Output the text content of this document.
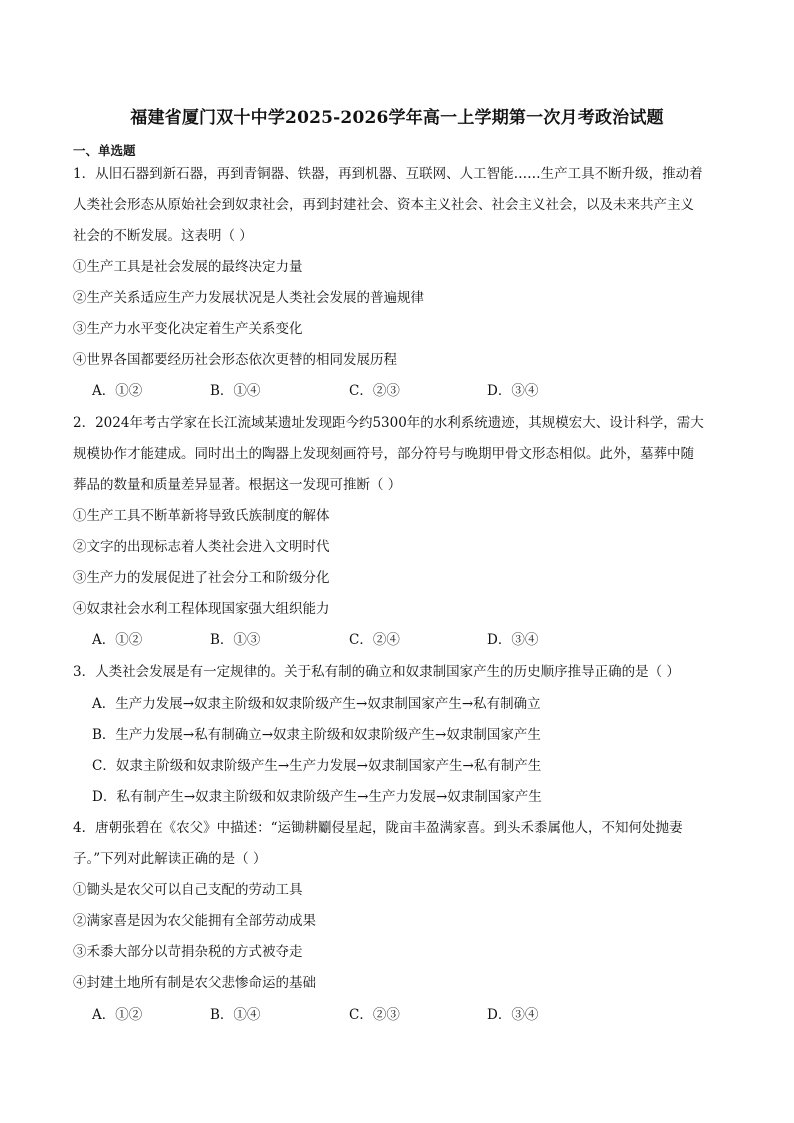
福建省厦门双十中学2025-2026学年高一上学期第一次月考政治试题
一、单选题
1．从旧石器到新石器，再到青铜器、铁器，再到机器、互联网、人工智能……生产工具不断升级，推动着
人类社会形态从原始社会到奴隶社会，再到封建社会、资本主义社会、社会主义社会，以及未来共产主义
社会的不断发展。这表明（ ）
①生产工具是社会发展的最终决定力量
②生产关系适应生产力发展状况是人类社会发展的普遍规律
③生产力水平变化决定着生产关系变化
④世界各国都要经历社会形态依次更替的相同发展历程
A．①②	B．①④	C．②③	D．③④
2．2024年考古学家在长江流域某遗址发现距今约5300年的水利系统遗迹，其规模宏大、设计科学，需大
规模协作才能建成。同时出土的陶器上发现刻画符号，部分符号与晚期甲骨文形态相似。此外，墓葬中随
葬品的数量和质量差异显著。根据这一发现可推断（ ）
①生产工具不断革新将导致氏族制度的解体
②文字的出现标志着人类社会进入文明时代
③生产力的发展促进了社会分工和阶级分化
④奴隶社会水利工程体现国家强大组织能力
A．①②	B．①③	C．②④	D．③④
3．人类社会发展是有一定规律的。关于私有制的确立和奴隶制国家产生的历史顺序推导正确的是（ ）
A．生产力发展→奴隶主阶级和奴隶阶级产生→奴隶制国家产生→私有制确立
B．生产力发展→私有制确立→奴隶主阶级和奴隶阶级产生→奴隶制国家产生
C．奴隶主阶级和奴隶阶级产生→生产力发展→奴隶制国家产生→私有制产生
D．私有制产生→奴隶主阶级和奴隶阶级产生→生产力发展→奴隶制国家产生
4．唐朝张碧在《农父》中描述：“运锄耕劚侵星起，陇亩丰盈满家喜。到头禾黍属他人，不知何处抛妻
子。”下列对此解读正确的是（ ）
①锄头是农父可以自己支配的劳动工具
②满家喜是因为农父能拥有全部劳动成果
③禾黍大部分以苛捐杂税的方式被夺走
④封建土地所有制是农父悲惨命运的基础
A．①②	B．①④	C．②③	D．③④
